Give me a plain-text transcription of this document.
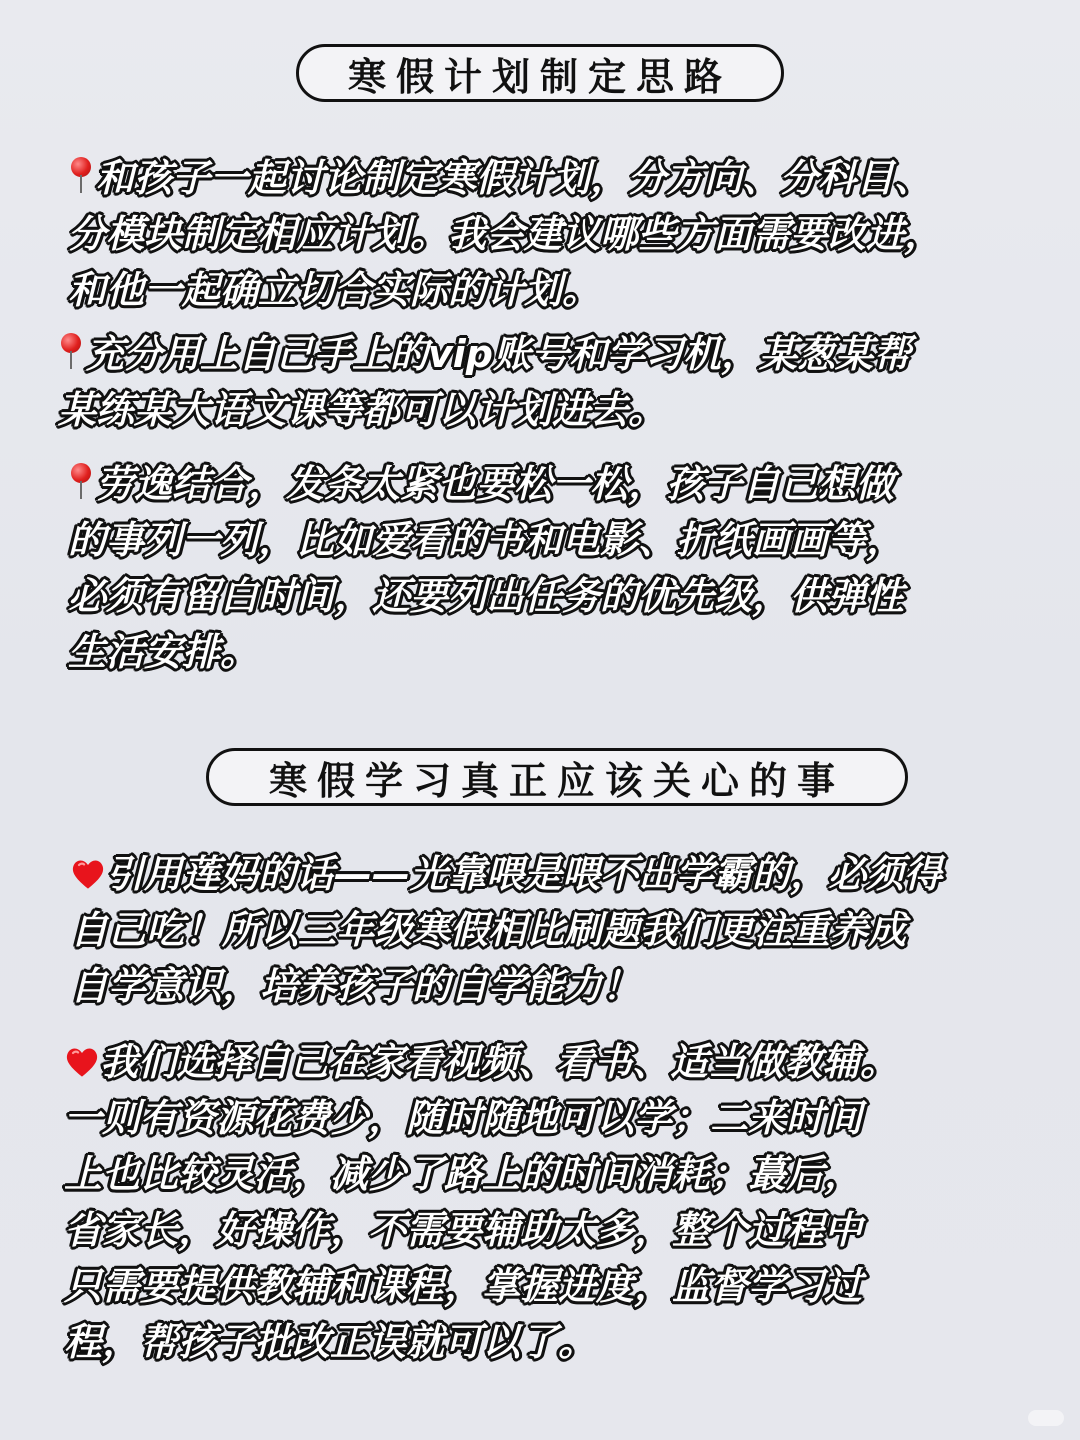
寒假计划制定思路
和孩子一起讨论制定寒假计划，分方向、分科目、
分模块制定相应计划。我会建议哪些方面需要改进，
和他一起确立切合实际的计划。
充分用上自己手上的vip账号和学习机，某葱某帮
某练某大语文课等都可以计划进去。
劳逸结合，发条太紧也要松一松，孩子自己想做
的事列一列，比如爱看的书和电影、折纸画画等，
必须有留白时间，还要列出任务的优先级，供弹性
生活安排。
寒假学习真正应该关心的事
引用莲妈的话——光靠喂是喂不出学霸的，必须得
自己吃！所以三年级寒假相比刷题我们更注重养成
自学意识，培养孩子的自学能力！
我们选择自己在家看视频、看书、适当做教辅。
一则有资源花费少，随时随地可以学；二来时间
上也比较灵活，减少了路上的时间消耗；蕞后，
省家长，好操作，不需要辅助太多，整个过程中
只需要提供教辅和课程，掌握进度，监督学习过
程，帮孩子批改正误就可以了。
